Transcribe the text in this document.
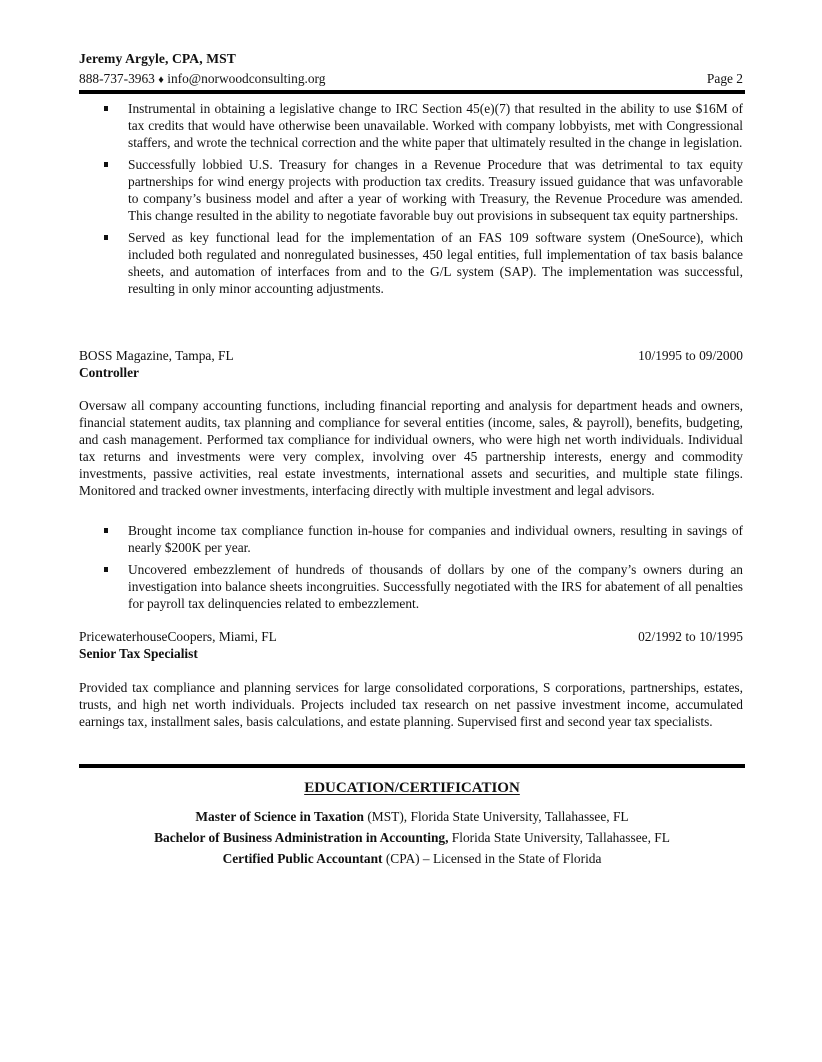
Jeremy Argyle, CPA, MST
888-737-3963 ♦ info@norwoodconsulting.org	Page 2
Instrumental in obtaining a legislative change to IRC Section 45(e)(7) that resulted in the ability to use $16M of tax credits that would have otherwise been unavailable. Worked with company lobbyists, met with Congressional staffers, and wrote the technical correction and the white paper that ultimately resulted in the change in legislation.
Successfully lobbied U.S. Treasury for changes in a Revenue Procedure that was detrimental to tax equity partnerships for wind energy projects with production tax credits. Treasury issued guidance that was unfavorable to company’s business model and after a year of working with Treasury, the Revenue Procedure was amended. This change resulted in the ability to negotiate favorable buy out provisions in subsequent tax equity partnerships.
Served as key functional lead for the implementation of an FAS 109 software system (OneSource), which included both regulated and nonregulated businesses, 450 legal entities, full implementation of tax basis balance sheets, and automation of interfaces from and to the G/L system (SAP). The implementation was successful, resulting in only minor accounting adjustments.
BOSS Magazine, Tampa, FL	10/1995 to 09/2000
Controller

Oversaw all company accounting functions, including financial reporting and analysis for department heads and owners, financial statement audits, tax planning and compliance for several entities (income, sales, & payroll), benefits, budgeting, and cash management. Performed tax compliance for individual owners, who were high net worth individuals. Individual tax returns and investments were very complex, involving over 45 partnership interests, energy and commodity investments, passive activities, real estate investments, international assets and securities, and multiple state filings. Monitored and tracked owner investments, interfacing directly with multiple investment and legal advisors.

Brought income tax compliance function in-house for companies and individual owners, resulting in savings of nearly $200K per year.
Uncovered embezzlement of hundreds of thousands of dollars by one of the company’s owners during an investigation into balance sheets incongruities. Successfully negotiated with the IRS for abatement of all penalties for payroll tax delinquencies related to embezzlement.
PricewaterhouseCoopers, Miami, FL	02/1992 to 10/1995
Senior Tax Specialist

Provided tax compliance and planning services for large consolidated corporations, S corporations, partnerships, estates, trusts, and high net worth individuals. Projects included tax research on net passive investment income, accumulated earnings tax, installment sales, basis calculations, and estate planning. Supervised first and second year tax specialists.

EDUCATION/CERTIFICATION
Master of Science in Taxation (MST), Florida State University, Tallahassee, FL
Bachelor of Business Administration in Accounting, Florida State University, Tallahassee, FL
Certified Public Accountant (CPA) – Licensed in the State of Florida
